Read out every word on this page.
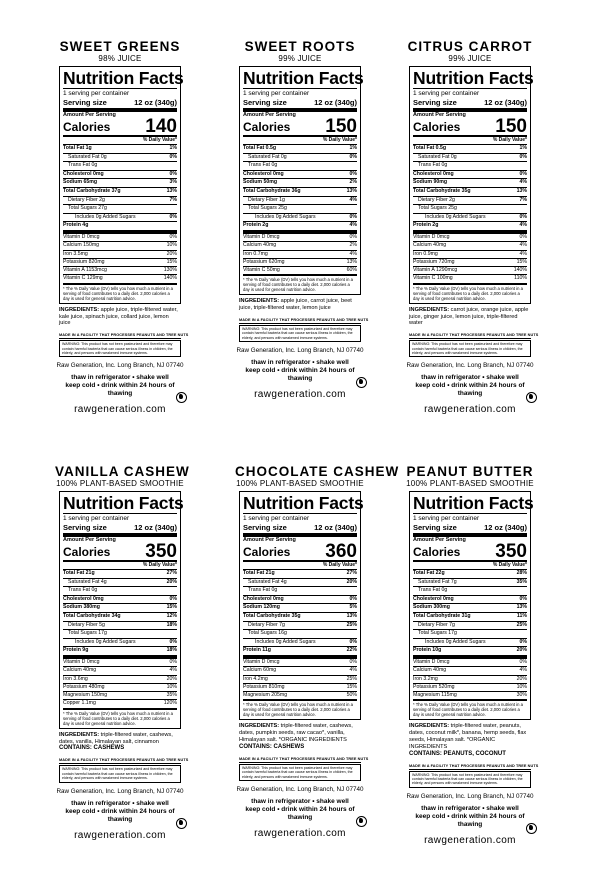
SWEET GREENS
98% JUICE
Nutrition Facts
1 serving per container
Serving size	12 oz (340g)
Amount Per Serving
Calories 140
% Daily Value*
Total Fat 1g	1%
Saturated Fat 0g	0%
Trans Fat 0g
Cholesterol 0mg	0%
Sodium 65mg	3%
Total Carbohydrate 37g	13%
Dietary Fiber 2g	7%
Total Sugars 27g
Includes 0g Added Sugars	0%
Protein 4g
Vitamin D 0mcg	0%
Calcium 150mg	10%
Iron 3.5mg	20%
Potassium 820mg	15%
Vitamin A 1153mcg	130%
Vitamin C 129mg	140%
* The % Daily Value (DV) tells you how much a nutrient in a serving of food contributes to a daily diet. 2,000 calories a day is used for general nutrition advice.
INGREDIENTS: apple juice, triple-filtered water, kale juice, spinach juice, collard juice, lemon juice
MADE IN A FACILITY THAT PROCESSES PEANUTS AND TREE NUTS
WARNING: This product has not been pasteurized and therefore may contain harmful bacteria that can cause serious illness in children, the elderly, and persons with weakened immune systems.
Raw Generation, Inc. Long Branch, NJ 07740
thaw in refrigerator • shake well
keep cold • drink within 24 hours of thawing
rawgeneration.com
SWEET ROOTS
99% JUICE
Nutrition Facts
1 serving per container
Serving size	12 oz (340g)
Amount Per Serving
Calories 150
% Daily Value*
Total Fat 0.5g	1%
Saturated Fat 0g	0%
Trans Fat 0g
Cholesterol 0mg	0%
Sodium 50mg	2%
Total Carbohydrate 36g	13%
Dietary Fiber 1g	4%
Total Sugars 25g
Includes 0g Added Sugars	0%
Protein 2g	4%
Vitamin D 0mcg	0%
Calcium 40mg	2%
Iron 0.7mg	4%
Potassium 620mg	13%
Vitamin C 50mg	60%
* The % Daily Value (DV) tells you how much a nutrient in a serving of food contributes to a daily diet. 2,000 calories a day is used for general nutrition advice.
INGREDIENTS: apple juice, carrot juice, beet juice, triple-filtered water, lemon juice
MADE IN A FACILITY THAT PROCESSES PEANUTS AND TREE NUTS
WARNING: This product has not been pasteurized and therefore may contain harmful bacteria that can cause serious illness in children, the elderly, and persons with weakened immune systems.
Raw Generation, Inc. Long Branch, NJ 07740
thaw in refrigerator • shake well
keep cold • drink within 24 hours of thawing
rawgeneration.com
CITRUS CARROT
99% JUICE
Nutrition Facts
1 serving per container
Serving size	12 oz (340g)
Amount Per Serving
Calories 150
% Daily Value*
Total Fat 0.5g	1%
Saturated Fat 0g	0%
Trans Fat 0g
Cholesterol 0mg	0%
Sodium 90mg	4%
Total Carbohydrate 35g	13%
Dietary Fiber 2g	7%
Total Sugars 25g
Includes 0g Added Sugars	0%
Protein 2g	4%
Vitamin D 0mcg	0%
Calcium 40mg	4%
Iron 0.9mg	4%
Potassium 720mg	15%
Vitamin A 1290mcg	140%
Vitamin C 100mg	110%
* The % Daily Value (DV) tells you how much a nutrient in a serving of food contributes to a daily diet. 2,000 calories a day is used for general nutrition advice.
INGREDIENTS: carrot juice, orange juice, apple juice, ginger juice, lemon juice, triple-filtered water
MADE IN A FACILITY THAT PROCESSES PEANUTS AND TREE NUTS
WARNING: This product has not been pasteurized and therefore may contain harmful bacteria that can cause serious illness in children, the elderly, and persons with weakened immune systems.
Raw Generation, Inc. Long Branch, NJ 07740
thaw in refrigerator • shake well
keep cold • drink within 24 hours of thawing
rawgeneration.com
VANILLA CASHEW
100% PLANT-BASED SMOOTHIE
Nutrition Facts
1 serving per container
Serving size	12 oz (340g)
Amount Per Serving
Calories 350
% Daily Value*
Total Fat 21g	27%
Saturated Fat 4g	20%
Trans Fat 0g
Cholesterol 0mg	0%
Sodium 380mg	15%
Total Carbohydrate 34g	12%
Dietary Fiber 5g	18%
Total Sugars 17g
Includes 0g Added Sugars	0%
Protein 9g	18%
Vitamin D 0mcg	0%
Calcium 40mg	4%
Iron 3.6mg	20%
Potassium 480mg	10%
Magnesium 150mg	35%
Copper 1.1mg	120%
* The % Daily Value (DV) tells you how much a nutrient in a serving of food contributes to a daily diet. 2,000 calories a day is used for general nutrition advice.
INGREDIENTS: triple-filtered water, cashews, dates, vanilla, Himalayan salt, cinnamon
CONTAINS: CASHEWS
MADE IN A FACILITY THAT PROCESSES PEANUTS AND TREE NUTS
WARNING: This product has not been pasteurized and therefore may contain harmful bacteria that can cause serious illness in children, the elderly, and persons with weakened immune systems.
Raw Generation, Inc. Long Branch, NJ 07740
thaw in refrigerator • shake well
keep cold • drink within 24 hours of thawing
rawgeneration.com
CHOCOLATE CASHEW
100% PLANT-BASED SMOOTHIE
Nutrition Facts
1 serving per container
Serving size	12 oz (340g)
Amount Per Serving
Calories 360
% Daily Value*
Total Fat 21g	27%
Saturated Fat 4g	20%
Trans Fat 0g
Cholesterol 0mg	0%
Sodium 120mg	5%
Total Carbohydrate 35g	13%
Dietary Fiber 7g	25%
Total Sugars 16g
Includes 0g Added Sugars	0%
Protein 11g	22%
Vitamin D 0mcg	0%
Calcium 60mg	4%
Iron 4.2mg	25%
Potassium 810mg	15%
Magnesium 205mg	50%
* The % Daily Value (DV) tells you how much a nutrient in a serving of food contributes to a daily diet. 2,000 calories a day is used for general nutrition advice.
INGREDIENTS: triple-filtered water, cashews, dates, pumpkin seeds, raw cacao*, vanilla, Himalayan salt. *ORGANIC INGREDIENTS
CONTAINS: CASHEWS
MADE IN A FACILITY THAT PROCESSES PEANUTS AND TREE NUTS
WARNING: This product has not been pasteurized and therefore may contain harmful bacteria that can cause serious illness in children, the elderly, and persons with weakened immune systems.
Raw Generation, Inc. Long Branch, NJ 07740
thaw in refrigerator • shake well
keep cold • drink within 24 hours of thawing
rawgeneration.com
PEANUT BUTTER
100% PLANT-BASED SMOOTHIE
Nutrition Facts
1 serving per container
Serving size	12 oz (340g)
Amount Per Serving
Calories 350
% Daily Value*
Total Fat 22g	28%
Saturated Fat 7g	35%
Trans Fat 0g
Cholesterol 0mg	0%
Sodium 300mg	13%
Total Carbohydrate 31g	11%
Dietary Fiber 7g	25%
Total Sugars 17g
Includes 0g Added Sugars	0%
Protein 10g	20%
Vitamin D 0mcg	0%
Calcium 40mg	4%
Iron 3.2mg	20%
Potassium 520mg	10%
Magnesium 115mg	30%
* The % Daily Value (DV) tells you how much a nutrient in a serving of food contributes to a daily diet. 2,000 calories a day is used for general nutrition advice.
INGREDIENTS: triple-filtered water, peanuts, dates, coconut milk*, banana, hemp seeds, flax seeds, Himalayan salt. *ORGANIC INGREDIENTS
CONTAINS: PEANUTS, COCONUT
MADE IN A FACILITY THAT PROCESSES PEANUTS AND TREE NUTS
WARNING: This product has not been pasteurized and therefore may contain harmful bacteria that can cause serious illness in children, the elderly, and persons with weakened immune systems.
Raw Generation, Inc. Long Branch, NJ 07740
thaw in refrigerator • shake well
keep cold • drink within 24 hours of thawing
rawgeneration.com
